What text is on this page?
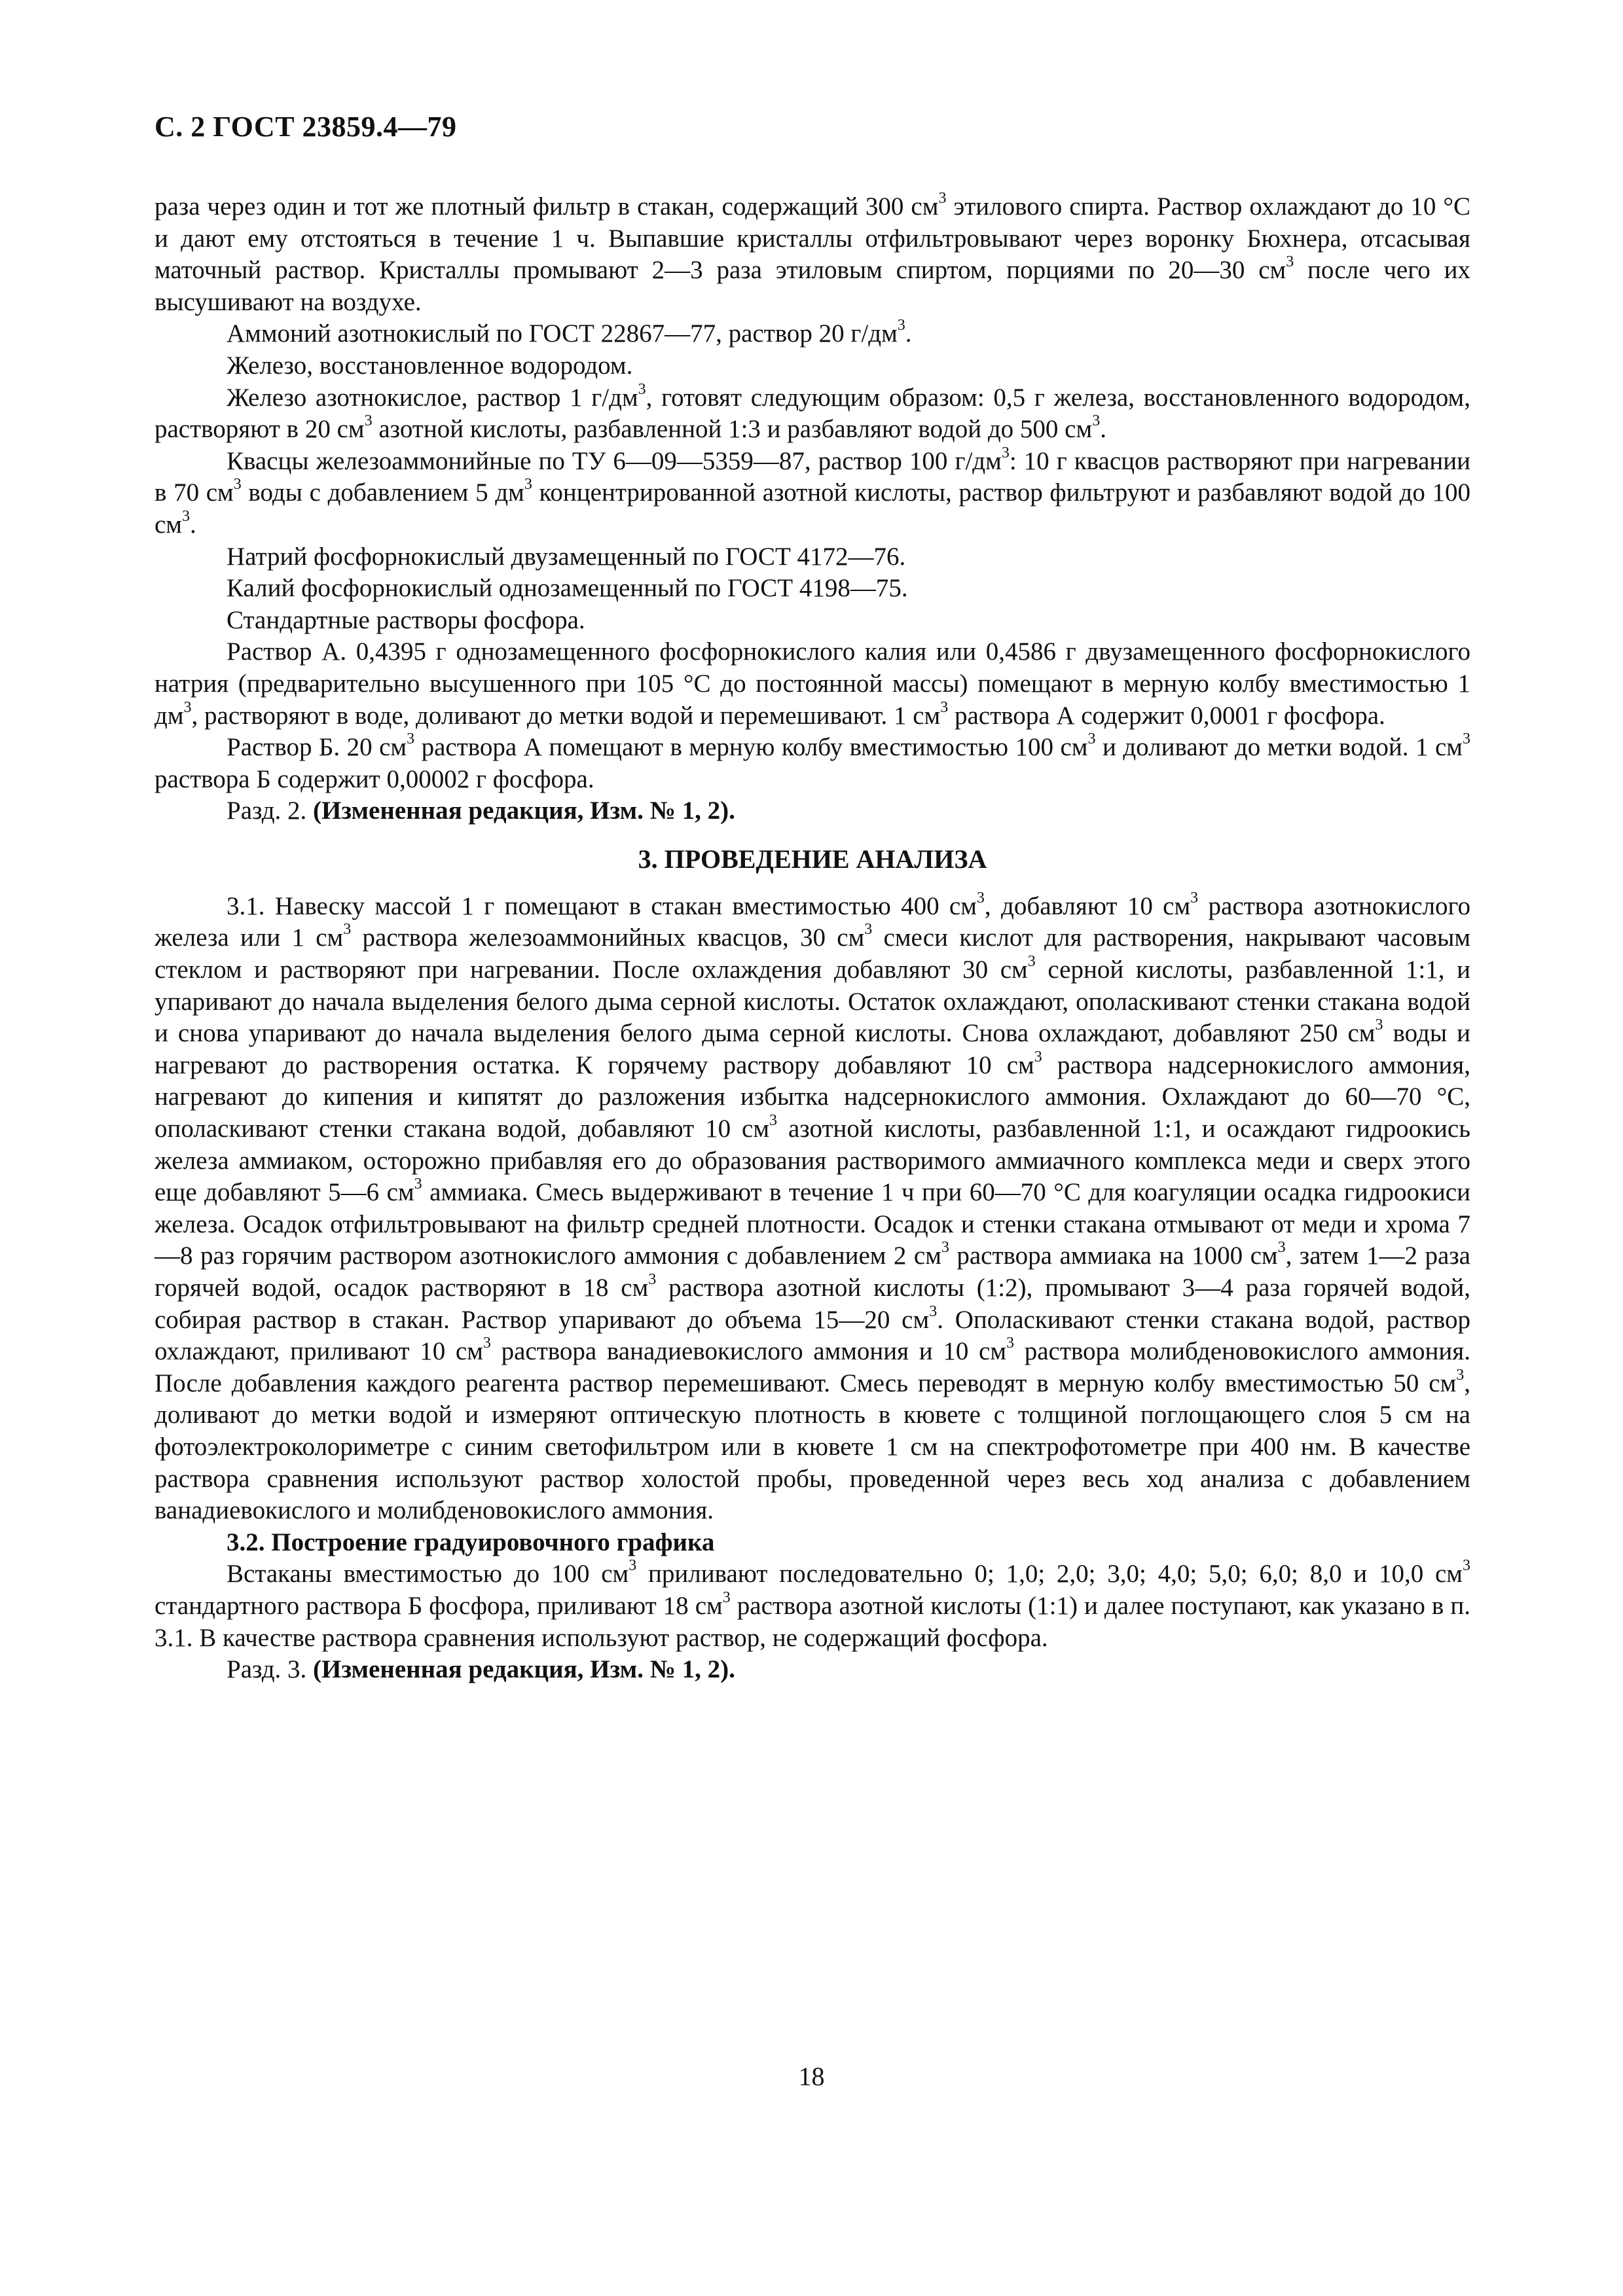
С. 2 ГОСТ 23859.4—79

раза через один и тот же плотный фильтр в стакан, содержащий 300 $см^3$ этилового спирта. Раствор охлаждают до 10 °С и дают ему отстояться в течение 1 ч. Выпавшие кристаллы отфильтровывают через воронку Бюхнера, отсасывая маточный раствор. Кристаллы промывают 2—3 раза этиловым спиртом, порциями по 20—30 $см^3$ после чего их высушивают на воздухе.

Аммоний азотнокислый по ГОСТ 22867—77, раствор 20 $г/дм^3$.

Железо, восстановленное водородом.

Железо азотнокислое, раствор 1 $г/дм^3$, готовят следующим образом: 0,5 г железа, восстановленного водородом, растворяют в 20 $см^3$ азотной кислоты, разбавленной 1:3 и разбавляют водой до 500 $см^3$.

Квасцы железоаммонийные по ТУ 6—09—5359—87, раствор 100 $г/дм^3$: 10 г квасцов растворяют при нагревании в 70 $см^3$ воды с добавлением 5 $дм^3$ концентрированной азотной кислоты, раствор фильтруют и разбавляют водой до 100 $см^3$.

Натрий фосфорнокислый двузамещенный по ГОСТ 4172—76.

Калий фосфорнокислый однозамещенный по ГОСТ 4198—75.

Стандартные растворы фосфора.

Раствор А. 0,4395 г однозамещенного фосфорнокислого калия или 0,4586 г двузамещенного фосфорнокислого натрия (предварительно высушенного при 105 °С до постоянной массы) помещают в мерную колбу вместимостью 1 $дм^3$, растворяют в воде, доливают до метки водой и перемешивают. 1 $см^3$ раствора А содержит 0,0001 г фосфора.

Раствор Б. 20 $см^3$ раствора А помещают в мерную колбу вместимостью 100 $см^3$ и доливают до метки водой. 1 $см^3$ раствора Б содержит 0,00002 г фосфора.

Разд. 2. (Измененная редакция, Изм. № 1, 2).

3. ПРОВЕДЕНИЕ АНАЛИЗА

3.1. Навеску массой 1 г помещают в стакан вместимостью 400 $см^3$, добавляют 10 $см^3$ раствора азотнокислого железа или 1 $см^3$ раствора железоаммонийных квасцов, 30 $см^3$ смеси кислот для растворения, накрывают часовым стеклом и растворяют при нагревании. После охлаждения добавляют 30 $см^3$ серной кислоты, разбавленной 1:1, и упаривают до начала выделения белого дыма серной кислоты. Остаток охлаждают, ополаскивают стенки стакана водой и снова упаривают до начала выделения белого дыма серной кислоты. Снова охлаждают, добавляют 250 $см^3$ воды и нагревают до растворения остатка. К горячему раствору добавляют 10 $см^3$ раствора надсернокислого аммония, нагревают до кипения и кипятят до разложения избытка надсернокислого аммония. Охлаждают до 60—70 °С, ополаскивают стенки стакана водой, добавляют 10 $см^3$ азотной кислоты, разбавленной 1:1, и осаждают гидроокись железа аммиаком, осторожно прибавляя его до образования растворимого аммиачного комплекса меди и сверх этого еще добавляют 5—6 $см^3$ аммиака. Смесь выдерживают в течение 1 ч при 60—70 °С для коагуляции осадка гидроокиси железа. Осадок отфильтровывают на фильтр средней плотности. Осадок и стенки стакана отмывают от меди и хрома 7—8 раз горячим раствором азотнокислого аммония с добавлением 2 $см^3$ раствора аммиака на 1000 $см^3$, затем 1—2 раза горячей водой, осадок растворяют в 18 $см^3$ раствора азотной кислоты (1:2), промывают 3—4 раза горячей водой, собирая раствор в стакан. Раствор упаривают до объема 15—20 $см^3$. Ополаскивают стенки стакана водой, раствор охлаждают, приливают 10 $см^3$ раствора ванадиевокислого аммония и 10 $см^3$ раствора молибденовокислого аммония. После добавления каждого реагента раствор перемешивают. Смесь переводят в мерную колбу вместимостью 50 $см^3$, доливают до метки водой и измеряют оптическую плотность в кювете с толщиной поглощающего слоя 5 см на фотоэлектроколориметре с синим светофильтром или в кювете 1 см на спектрофотометре при 400 нм. В качестве раствора сравнения используют раствор холостой пробы, проведенной через весь ход анализа с добавлением ванадиевокислого и молибденовокислого аммония.

3.2. Построение градуировочного графика

Встаканы вместимостью до 100 $см^3$ приливают последовательно 0; 1,0; 2,0; 3,0; 4,0; 5,0; 6,0; 8,0 и 10,0 $см^3$ стандартного раствора Б фосфора, приливают 18 $см^3$ раствора азотной кислоты (1:1) и далее поступают, как указано в п. 3.1. В качестве раствора сравнения используют раствор, не содержащий фосфора.

Разд. 3. (Измененная редакция, Изм. № 1, 2).

18
